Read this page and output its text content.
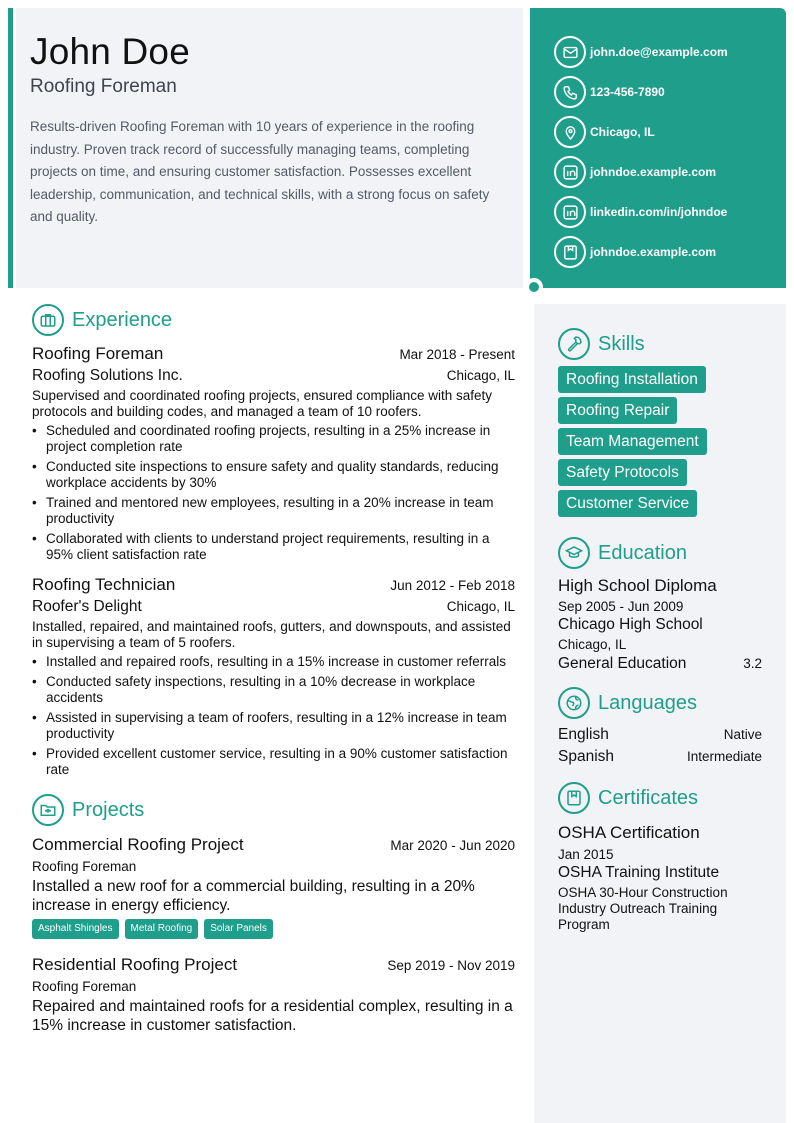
John Doe
Roofing Foreman
Results-driven Roofing Foreman with 10 years of experience in the roofing industry. Proven track record of successfully managing teams, completing projects on time, and ensuring customer satisfaction. Possesses excellent leadership, communication, and technical skills, with a strong focus on safety and quality.
john.doe@example.com
123-456-7890
Chicago, IL
johndoe.example.com
linkedin.com/in/johndoe
johndoe.example.com
Experience
Roofing Foreman	Mar 2018 - Present
Roofing Solutions Inc.	Chicago, IL
Supervised and coordinated roofing projects, ensured compliance with safety protocols and building codes, and managed a team of 10 roofers.
• Scheduled and coordinated roofing projects, resulting in a 25% increase in project completion rate
• Conducted site inspections to ensure safety and quality standards, reducing workplace accidents by 30%
• Trained and mentored new employees, resulting in a 20% increase in team productivity
• Collaborated with clients to understand project requirements, resulting in a 95% client satisfaction rate
Roofing Technician	Jun 2012 - Feb 2018
Roofer's Delight	Chicago, IL
Installed, repaired, and maintained roofs, gutters, and downspouts, and assisted in supervising a team of 5 roofers.
• Installed and repaired roofs, resulting in a 15% increase in customer referrals
• Conducted safety inspections, resulting in a 10% decrease in workplace accidents
• Assisted in supervising a team of roofers, resulting in a 12% increase in team productivity
• Provided excellent customer service, resulting in a 90% customer satisfaction rate
Projects
Commercial Roofing Project	Mar 2020 - Jun 2020
Roofing Foreman
Installed a new roof for a commercial building, resulting in a 20% increase in energy efficiency.
Asphalt Shingles	Metal Roofing	Solar Panels
Residential Roofing Project	Sep 2019 - Nov 2019
Roofing Foreman
Repaired and maintained roofs for a residential complex, resulting in a 15% increase in customer satisfaction.
Skills
Roofing Installation
Roofing Repair
Team Management
Safety Protocols
Customer Service
Education
High School Diploma
Sep 2005 - Jun 2009
Chicago High School
Chicago, IL
General Education	3.2
Languages
English	Native
Spanish	Intermediate
Certificates
OSHA Certification
Jan 2015
OSHA Training Institute
OSHA 30-Hour Construction Industry Outreach Training Program
